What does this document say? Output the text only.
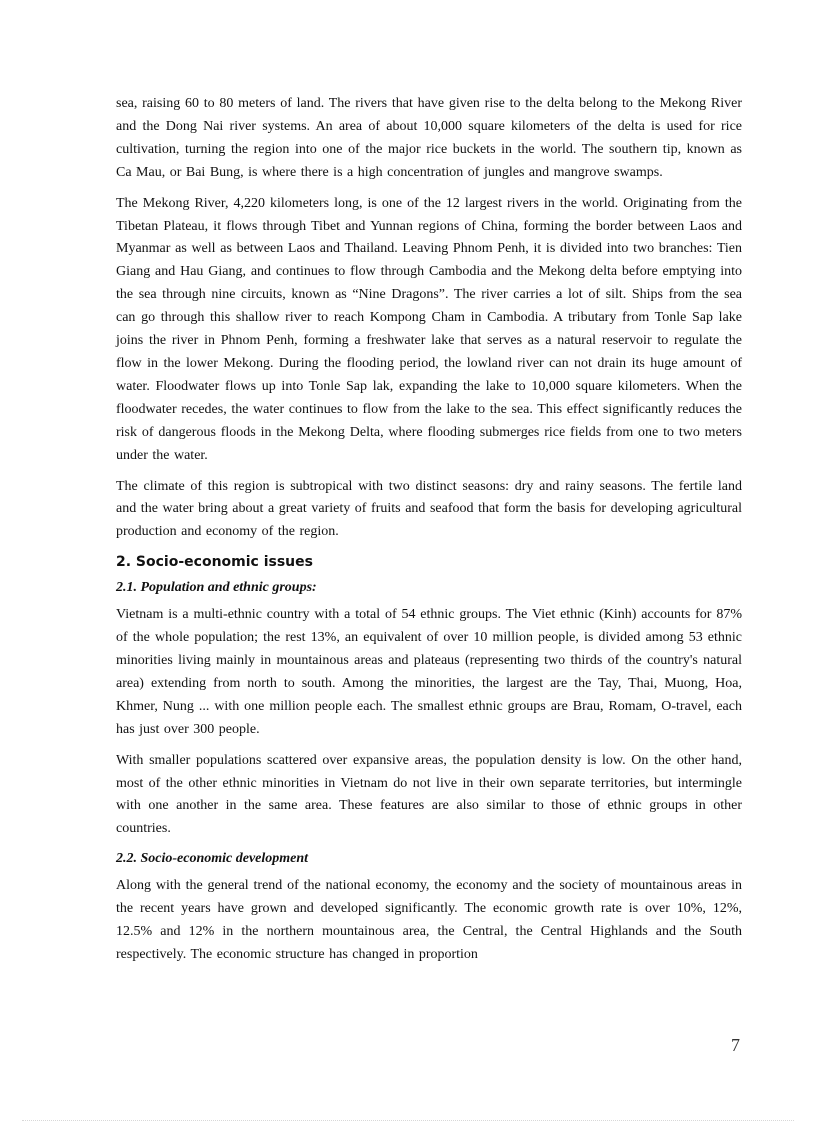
sea, raising 60 to 80 meters of land. The rivers that have given rise to the delta belong to the Mekong River and the Dong Nai river systems. An area of about 10,000 square kilometers of the delta is used for rice cultivation, turning the region into one of the major rice buckets in the world. The southern tip, known as Ca Mau, or Bai Bung, is where there is a high concentration of jungles and mangrove swamps.

The Mekong River, 4,220 kilometers long, is one of the 12 largest rivers in the world. Originating from the Tibetan Plateau, it flows through Tibet and Yunnan regions of China, forming the border between Laos and Myanmar as well as between Laos and Thailand. Leaving Phnom Penh, it is divided into two branches: Tien Giang and Hau Giang, and continues to flow through Cambodia and the Mekong delta before emptying into the sea through nine circuits, known as “Nine Dragons”. The river carries a lot of silt. Ships from the sea can go through this shallow river to reach Kompong Cham in Cambodia. A tributary from Tonle Sap lake joins the river in Phnom Penh, forming a freshwater lake that serves as a natural reservoir to regulate the flow in the lower Mekong. During the flooding period, the lowland river can not drain its huge amount of water. Floodwater flows up into Tonle Sap lak, expanding the lake to 10,000 square kilometers. When the floodwater recedes, the water continues to flow from the lake to the sea. This effect significantly reduces the risk of dangerous floods in the Mekong Delta, where flooding submerges rice fields from one to two meters under the water.

The climate of this region is subtropical with two distinct seasons: dry and rainy seasons. The fertile land and the water bring about a great variety of fruits and seafood that form the basis for developing agricultural production and economy of the region.

2. Socio-economic issues
2.1. Population and ethnic groups:

Vietnam is a multi-ethnic country with a total of 54 ethnic groups. The Viet ethnic (Kinh) accounts for 87% of the whole population; the rest 13%, an equivalent of over 10 million people, is divided among 53 ethnic minorities living mainly in mountainous areas and plateaus (representing two thirds of the country's natural area) extending from north to south. Among the minorities, the largest are the Tay, Thai, Muong, Hoa, Khmer, Nung ... with one million people each. The smallest ethnic groups are Brau, Romam, O-travel, each has just over 300 people.

With smaller populations scattered over expansive areas, the population density is low. On the other hand, most of the other ethnic minorities in Vietnam do not live in their own separate territories, but intermingle with one another in the same area. These features are also similar to those of ethnic groups in other countries.

2.2. Socio-economic development

Along with the general trend of the national economy, the economy and the society of mountainous areas in the recent years have grown and developed significantly. The economic growth rate is over 10%, 12%, 12.5% and 12% in the northern mountainous area, the Central, the Central Highlands and the South respectively. The economic structure has changed in proportion

7
